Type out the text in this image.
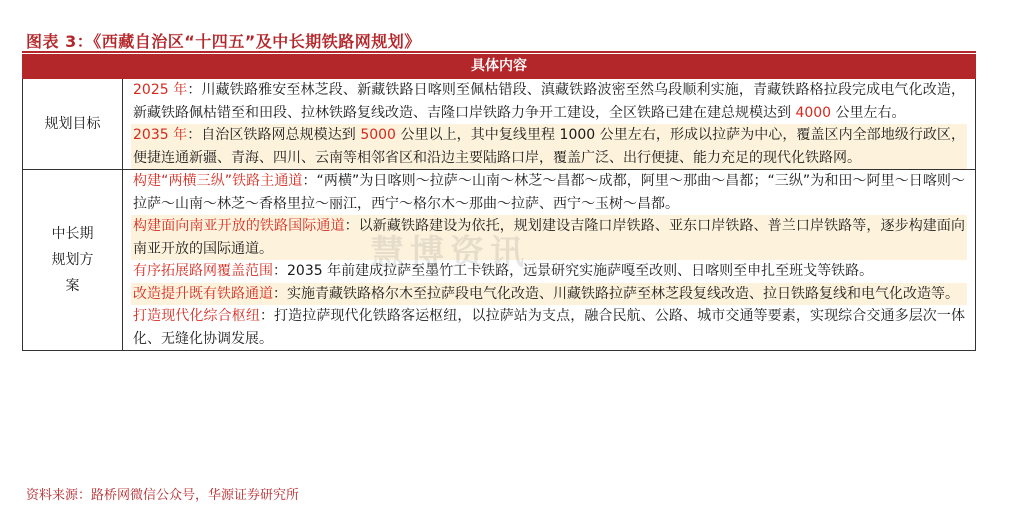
图表 3：《西藏自治区“十四五”及中长期铁路网规划》
具体内容
规划目标
2025 年：川藏铁路雅安至林芝段、新藏铁路日喀则至佩枯错段、滇藏铁路波密至然乌段顺利实施，青藏铁路格拉段完成电气化改造，新藏铁路佩枯错至和田段、拉林铁路复线改造、吉隆口岸铁路力争开工建设，全区铁路已建在建总规模达到 4000 公里左右。
2035 年：自治区铁路网总规模达到 5000 公里以上，其中复线里程 1000 公里左右，形成以拉萨为中心，覆盖区内全部地级行政区，便捷连通新疆、青海、四川、云南等相邻省区和沿边主要陆路口岸，覆盖广泛、出行便捷、能力充足的现代化铁路网。
中长期规划方案
构建“两横三纵”铁路主通道：“两横”为日喀则～拉萨～山南～林芝～昌都～成都，阿里～那曲～昌都；“三纵”为和田～阿里～日喀则～拉萨～山南～林芝～香格里拉～丽江，西宁～格尔木～那曲～拉萨、西宁～玉树～昌都。
构建面向南亚开放的铁路国际通道：以新藏铁路建设为依托，规划建设吉隆口岸铁路、亚东口岸铁路、普兰口岸铁路等，逐步构建面向南亚开放的国际通道。
有序拓展路网覆盖范围：2035 年前建成拉萨至墨竹工卡铁路，远景研究实施萨嘎至改则、日喀则至申扎至班戈等铁路。
改造提升既有铁路通道：实施青藏铁路格尔木至拉萨段电气化改造、川藏铁路拉萨至林芝段复线改造、拉日铁路复线和电气化改造等。
打造现代化综合枢纽：打造拉萨现代化铁路客运枢纽，以拉萨站为支点，融合民航、公路、城市交通等要素，实现综合交通多层次一体化、无缝化协调发展。
资料来源：路桥网微信公众号，华源证券研究所
